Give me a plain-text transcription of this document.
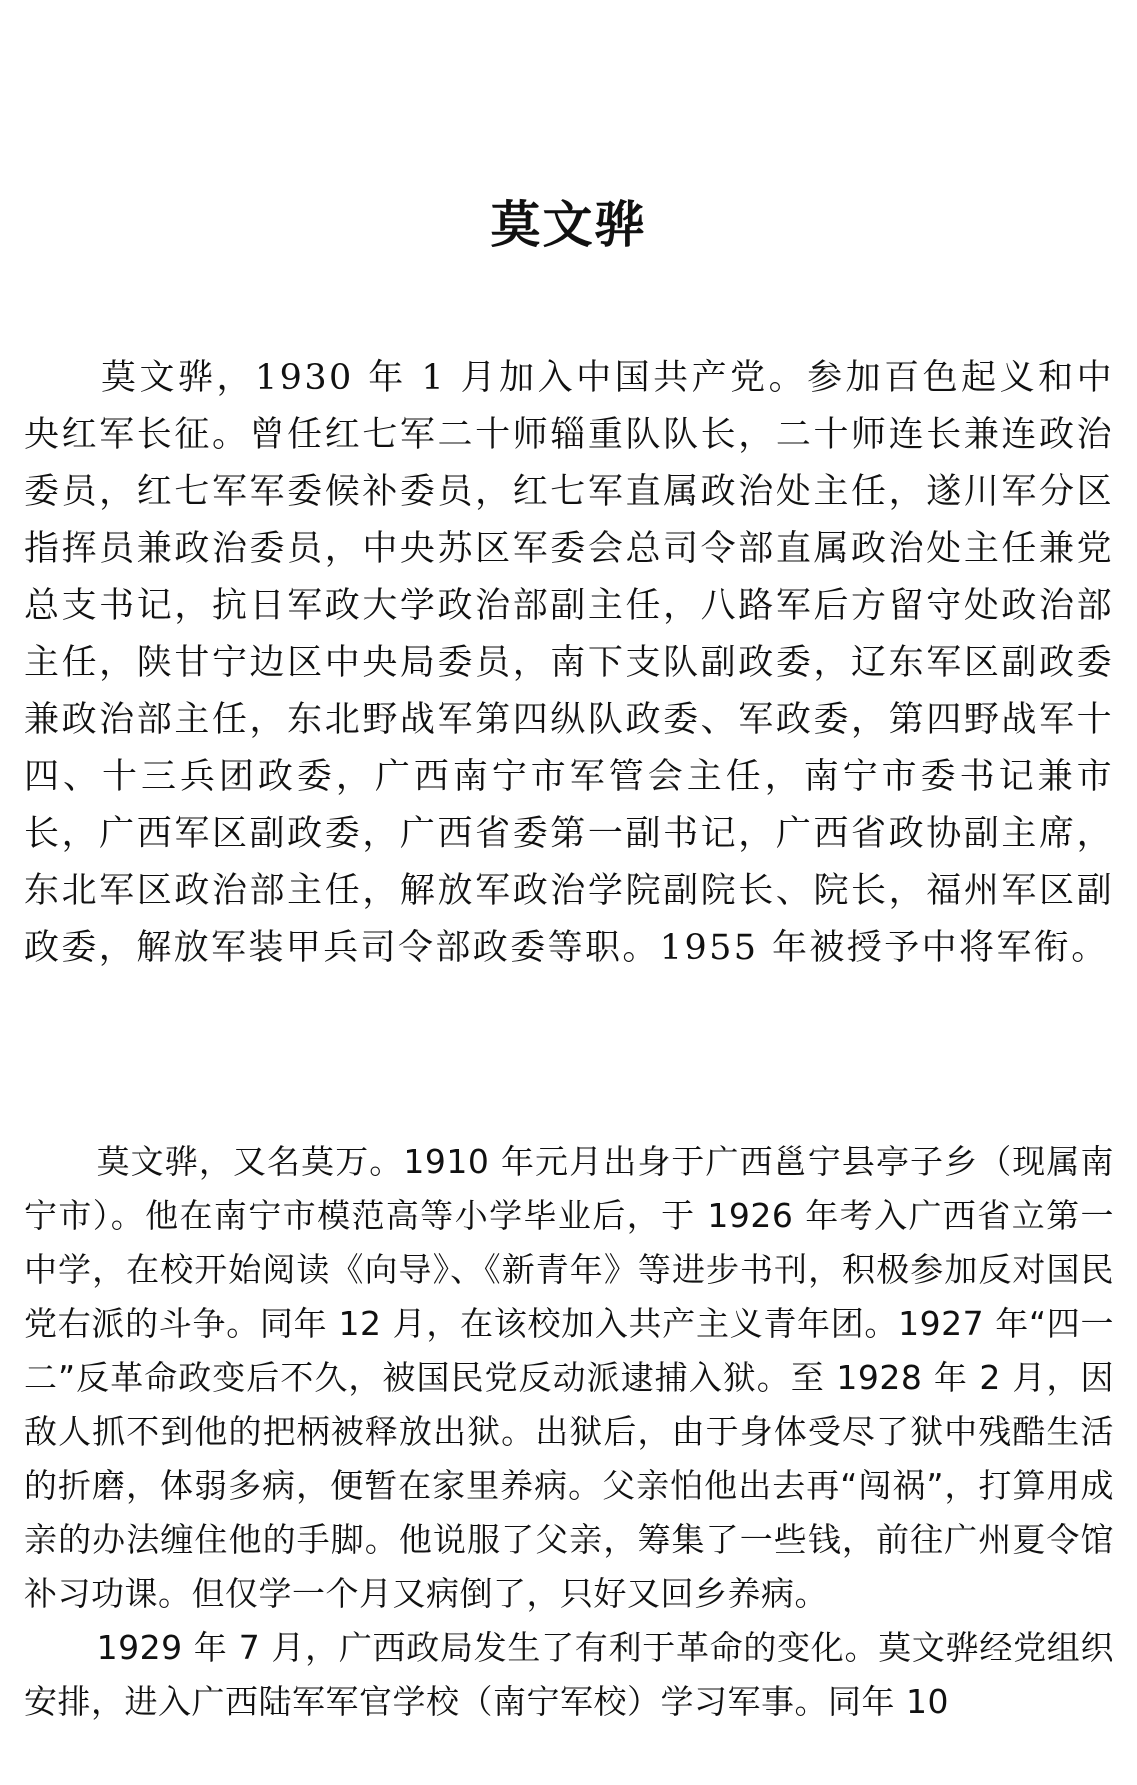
莫文骅

莫文骅，1930 年 1 月加入中国共产党。参加百色起义和中央红军长征。曾任红七军二十师辎重队队长，二十师连长兼连政治委员，红七军军委候补委员，红七军直属政治处主任，遂川军分区指挥员兼政治委员，中央苏区军委会总司令部直属政治处主任兼党总支书记，抗日军政大学政治部副主任，八路军后方留守处政治部主任，陕甘宁边区中央局委员，南下支队副政委，辽东军区副政委兼政治部主任，东北野战军第四纵队政委、军政委，第四野战军十四、十三兵团政委，广西南宁市军管会主任，南宁市委书记兼市长，广西军区副政委，广西省委第一副书记，广西省政协副主席，东北军区政治部主任，解放军政治学院副院长、院长，福州军区副政委，解放军装甲兵司令部政委等职。1955 年被授予中将军衔。

莫文骅，又名莫万。1910 年元月出身于广西邕宁县亭子乡（现属南宁市）。他在南宁市模范高等小学毕业后，于 1926 年考入广西省立第一中学，在校开始阅读《向导》、《新青年》等进步书刊，积极参加反对国民党右派的斗争。同年 12 月，在该校加入共产主义青年团。1927 年“四一二”反革命政变后不久，被国民党反动派逮捕入狱。至 1928 年 2 月，因敌人抓不到他的把柄被释放出狱。出狱后，由于身体受尽了狱中残酷生活的折磨，体弱多病，便暂在家里养病。父亲怕他出去再“闯祸”，打算用成亲的办法缠住他的手脚。他说服了父亲，筹集了一些钱，前往广州夏令馆补习功课。但仅学一个月又病倒了，只好又回乡养病。

1929 年 7 月，广西政局发生了有利于革命的变化。莫文骅经党组织安排，进入广西陆军军官学校（南宁军校）学习军事。同年 10
